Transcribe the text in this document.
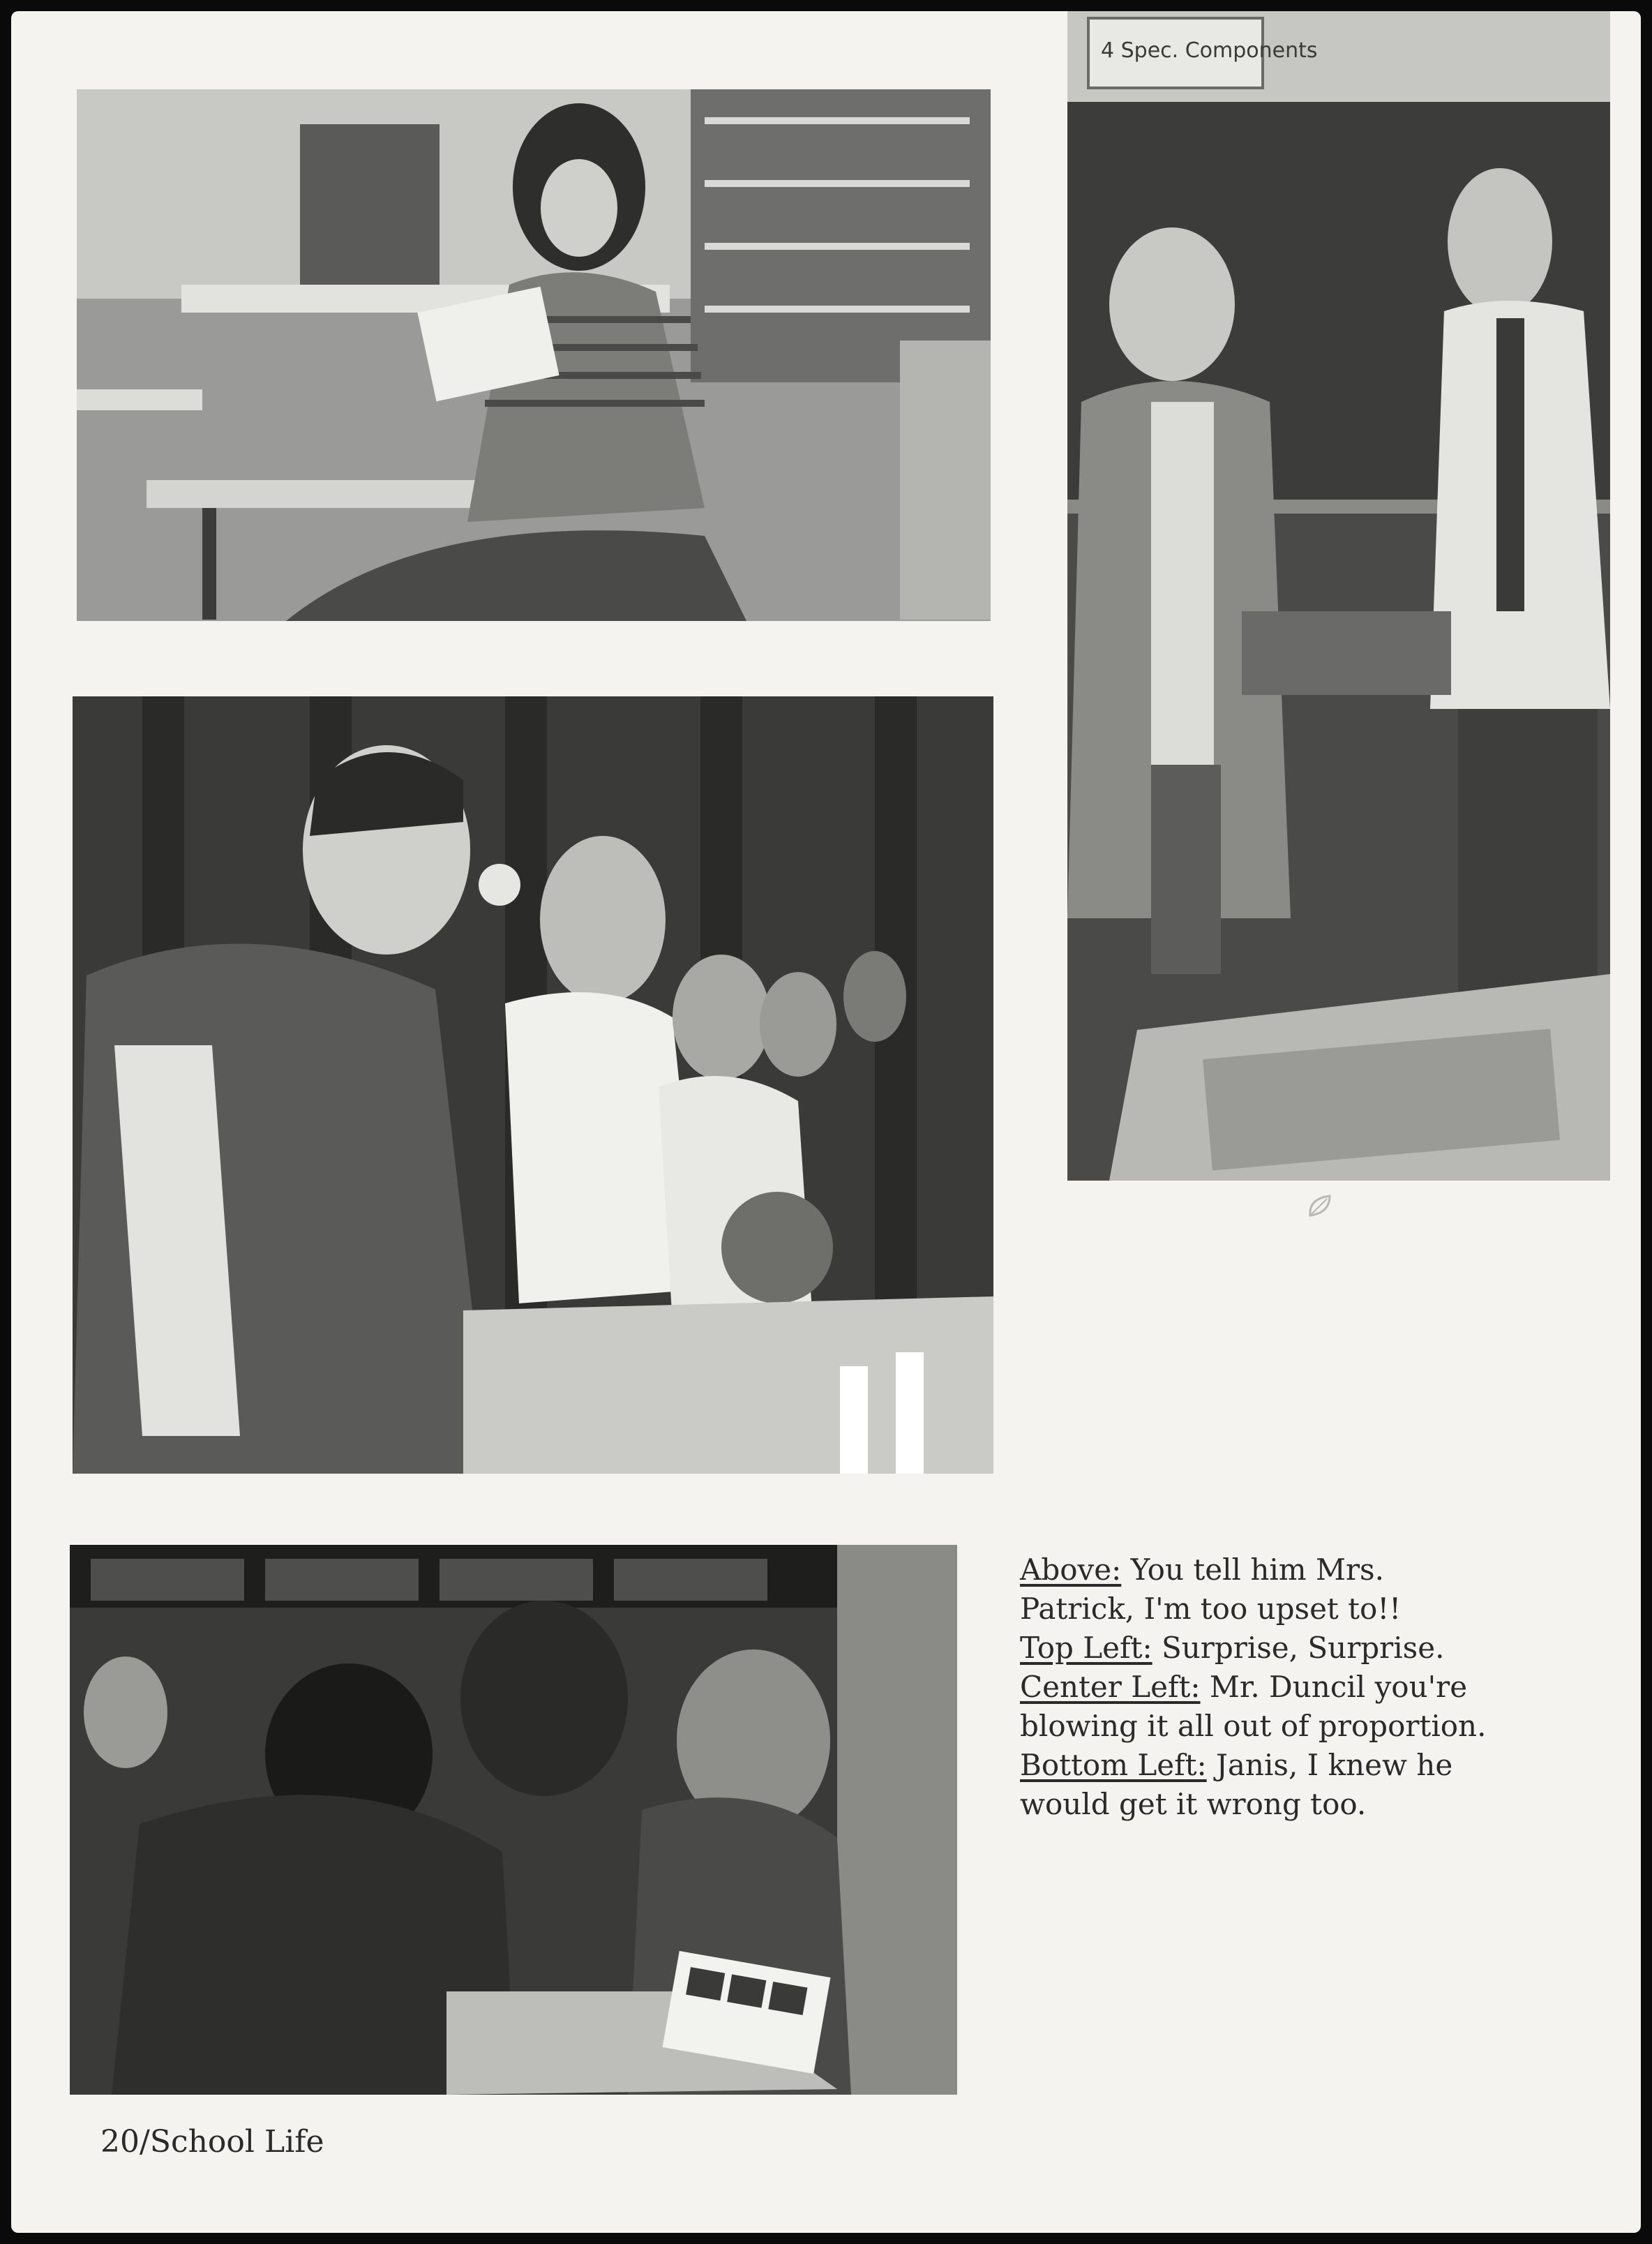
4 Spec. Components
Above: You tell him Mrs.
Patrick, I'm too upset to!!
Top Left: Surprise, Surprise.
Center Left: Mr. Duncil you're
blowing it all out of proportion.
Bottom Left: Janis, I knew he
would get it wrong too.
20/School Life
